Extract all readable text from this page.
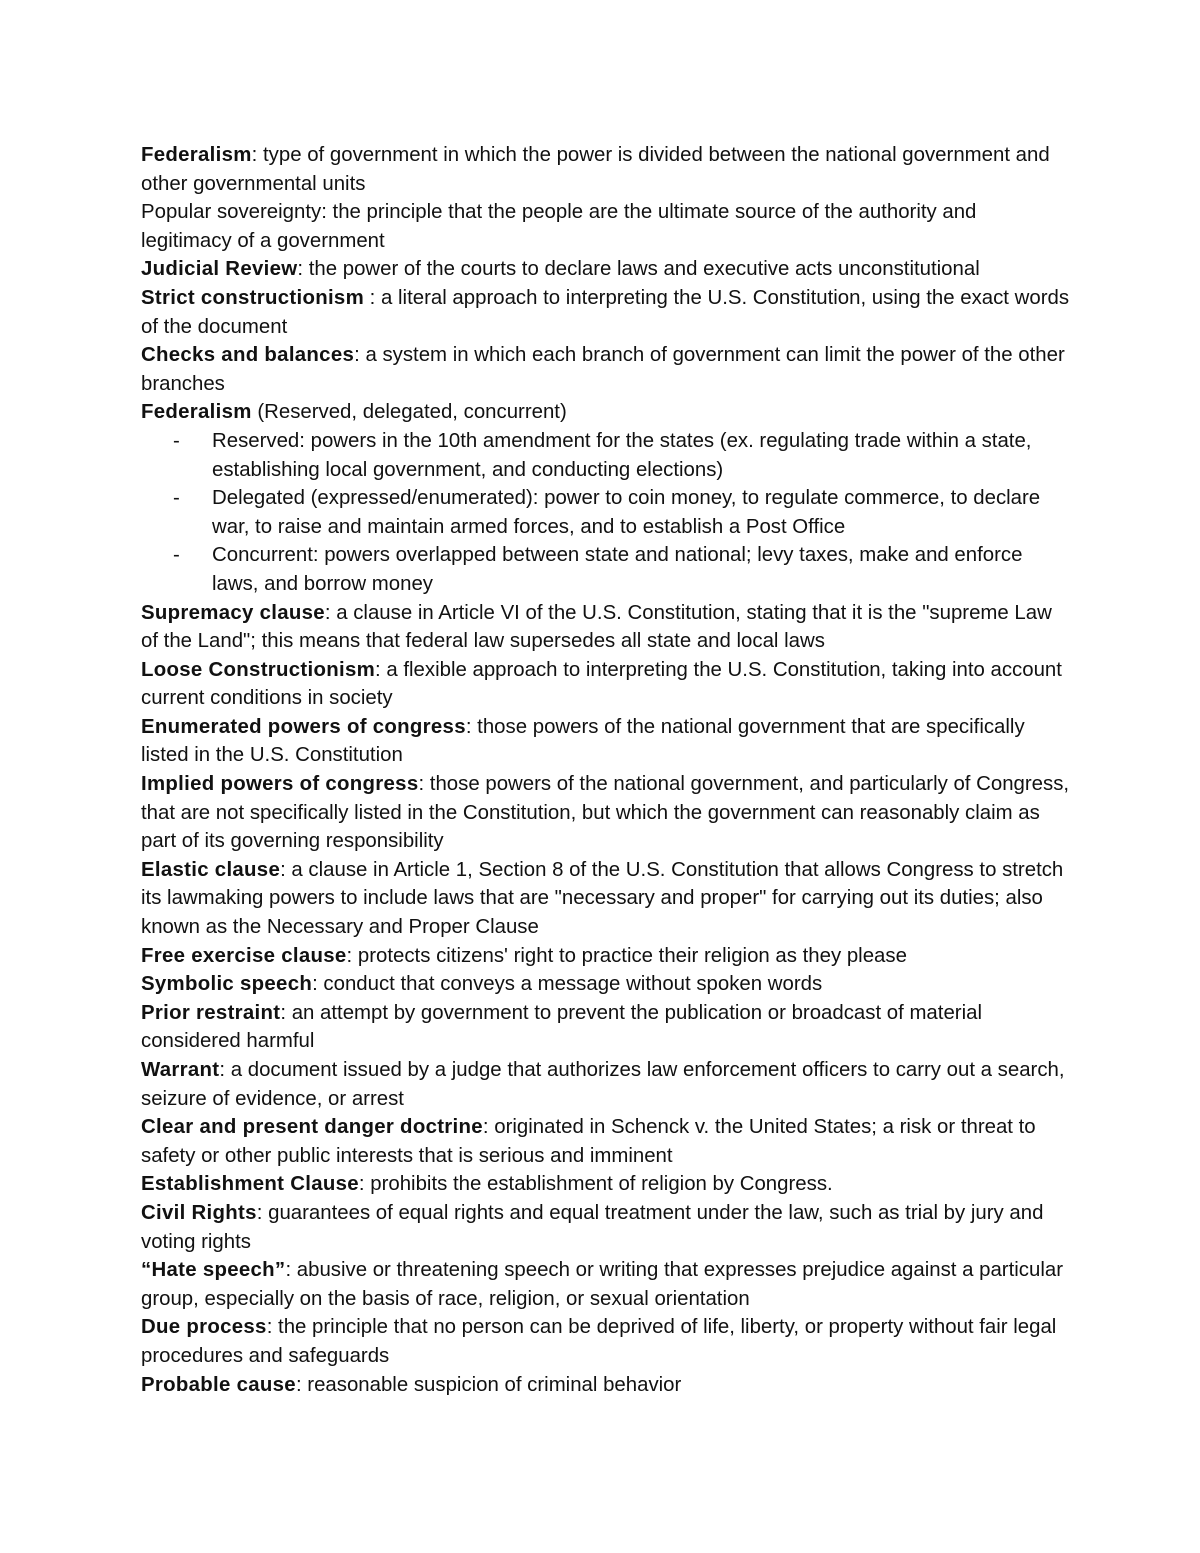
Federalism: type of government in which the power is divided between the national government and other governmental units

Popular sovereignty: the principle that the people are the ultimate source of the authority and legitimacy of a government

Judicial Review: the power of the courts to declare laws and executive acts unconstitutional

Strict constructionism : a literal approach to interpreting the U.S. Constitution, using the exact words of the document

Checks and balances: a system in which each branch of government can limit the power of the other branches

Federalism (Reserved, delegated, concurrent)

- Reserved: powers in the 10th amendment for the states (ex. regulating trade within a state, establishing local government, and conducting elections)
- Delegated (expressed/enumerated): power to coin money, to regulate commerce, to declare war, to raise and maintain armed forces, and to establish a Post Office
- Concurrent: powers overlapped between state and national; levy taxes, make and enforce laws, and borrow money

Supremacy clause: a clause in Article VI of the U.S. Constitution, stating that it is the "supreme Law of the Land"; this means that federal law supersedes all state and local laws

Loose Constructionism: a flexible approach to interpreting the U.S. Constitution, taking into account current conditions in society

Enumerated powers of congress: those powers of the national government that are specifically listed in the U.S. Constitution

Implied powers of congress: those powers of the national government, and particularly of Congress, that are not specifically listed in the Constitution, but which the government can reasonably claim as part of its governing responsibility

Elastic clause: a clause in Article 1, Section 8 of the U.S. Constitution that allows Congress to stretch its lawmaking powers to include laws that are "necessary and proper" for carrying out its duties; also known as the Necessary and Proper Clause

Free exercise clause: protects citizens' right to practice their religion as they please

Symbolic speech: conduct that conveys a message without spoken words

Prior restraint: an attempt by government to prevent the publication or broadcast of material considered harmful

Warrant: a document issued by a judge that authorizes law enforcement officers to carry out a search, seizure of evidence, or arrest

Clear and present danger doctrine: originated in Schenck v. the United States; a risk or threat to safety or other public interests that is serious and imminent

Establishment Clause: prohibits the establishment of religion by Congress.

Civil Rights: guarantees of equal rights and equal treatment under the law, such as trial by jury and voting rights

“Hate speech”: abusive or threatening speech or writing that expresses prejudice against a particular group, especially on the basis of race, religion, or sexual orientation

Due process: the principle that no person can be deprived of life, liberty, or property without fair legal procedures and safeguards

Probable cause: reasonable suspicion of criminal behavior
